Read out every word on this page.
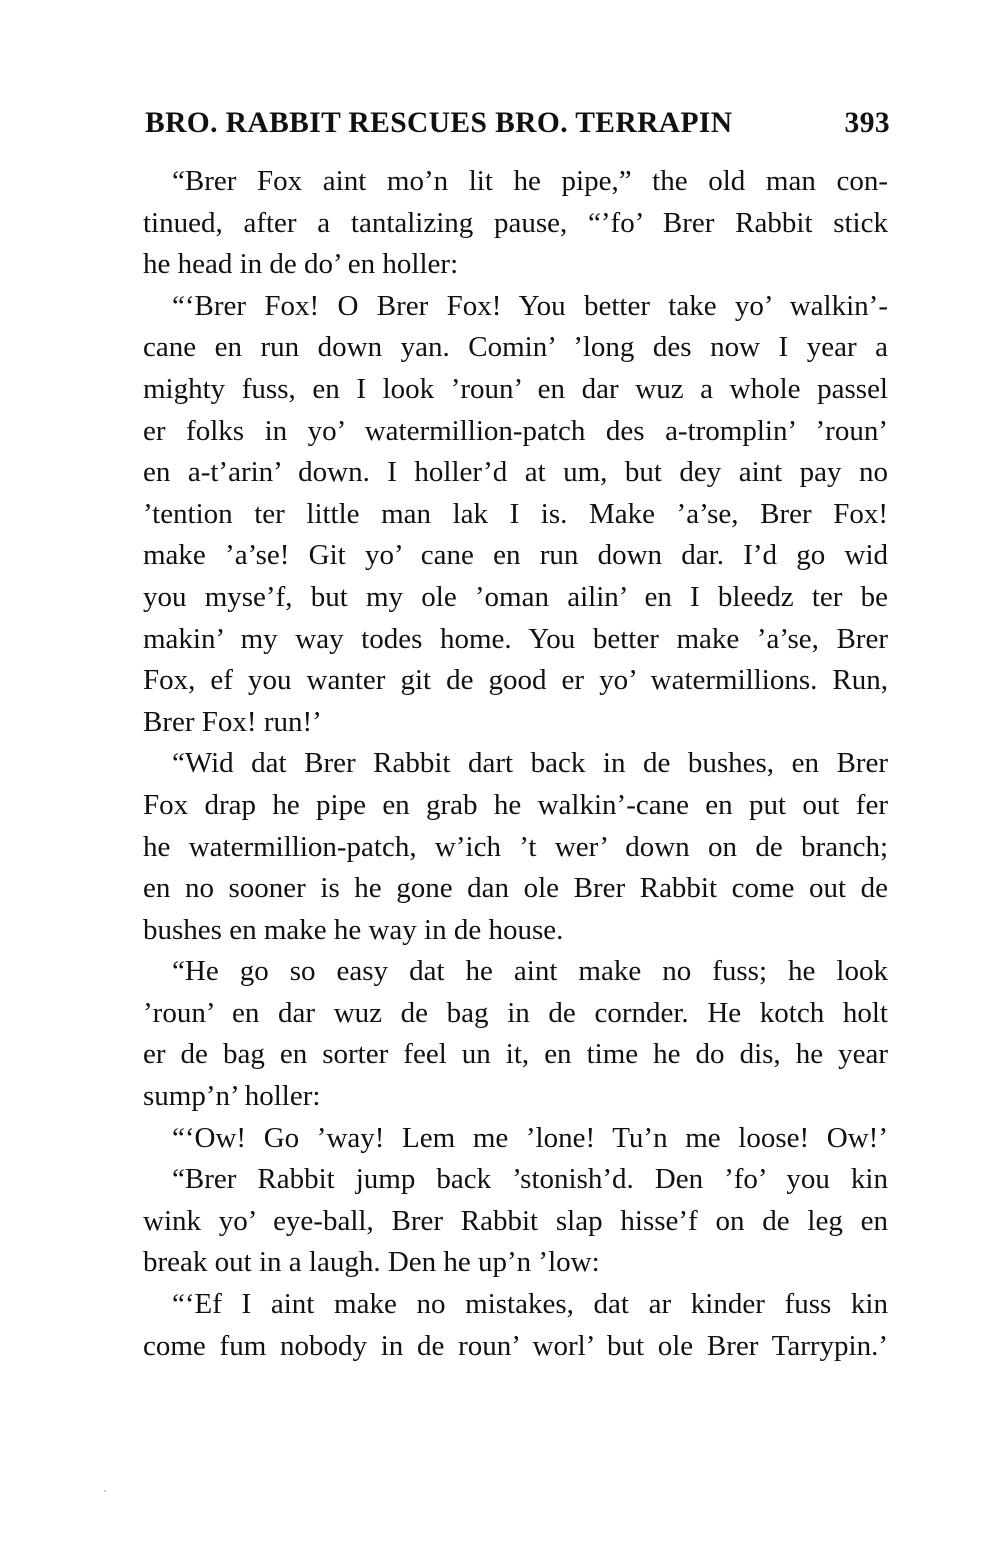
BRO. RABBIT RESCUES BRO. TERRAPIN	393
“Brer Fox aint mo’n lit he pipe,” the old man con-
tinued, after a tantalizing pause, “’fo’ Brer Rabbit stick
he head in de do’ en holler:
“‘Brer Fox! O Brer Fox! You better take yo’ walkin’-
cane en run down yan. Comin’ ’long des now I year a
mighty fuss, en I look ’roun’ en dar wuz a whole passel
er folks in yo’ watermillion-patch des a-tromplin’ ’roun’
en a-t’arin’ down. I holler’d at um, but dey aint pay no
’tention ter little man lak I is. Make ’a’se, Brer Fox!
make ’a’se! Git yo’ cane en run down dar. I’d go wid
you myse’f, but my ole ’oman ailin’ en I bleedz ter be
makin’ my way todes home. You better make ’a’se, Brer
Fox, ef you wanter git de good er yo’ watermillions. Run,
Brer Fox! run!’
“Wid dat Brer Rabbit dart back in de bushes, en Brer
Fox drap he pipe en grab he walkin’-cane en put out fer
he watermillion-patch, w’ich ’t wer’ down on de branch;
en no sooner is he gone dan ole Brer Rabbit come out de
bushes en make he way in de house.
“He go so easy dat he aint make no fuss; he look
’roun’ en dar wuz de bag in de cornder. He kotch holt
er de bag en sorter feel un it, en time he do dis, he year
sump’n’ holler:
“‘Ow! Go ’way! Lem me ’lone! Tu’n me loose! Ow!’
“Brer Rabbit jump back ’stonish’d. Den ’fo’ you kin
wink yo’ eye-ball, Brer Rabbit slap hisse’f on de leg en
break out in a laugh. Den he up’n ’low:
“‘Ef I aint make no mistakes, dat ar kinder fuss kin
come fum nobody in de roun’ worl’ but ole Brer Tarrypin.’
